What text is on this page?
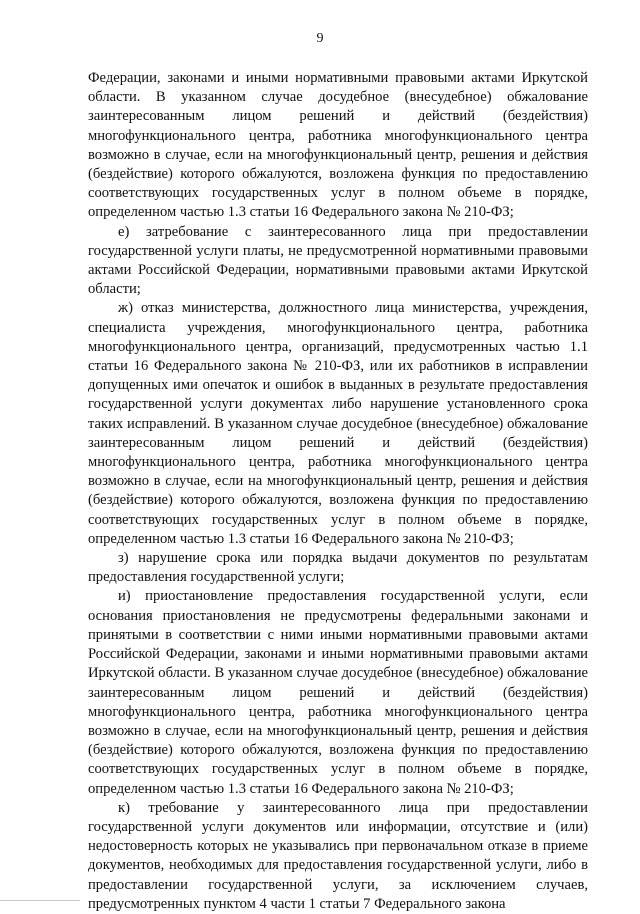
9

Федерации, законами и иными нормативными правовыми актами Иркутской области. В указанном случае досудебное (внесудебное) обжалование заинтересованным лицом решений и действий (бездействия) многофункционального центра, работника многофункционального центра возможно в случае, если на многофункциональный центр, решения и действия (бездействие) которого обжалуются, возложена функция по предоставлению соответствующих государственных услуг в полном объеме в порядке, определенном частью 1.3 статьи 16 Федерального закона № 210-ФЗ;

е) затребование с заинтересованного лица при предоставлении государственной услуги платы, не предусмотренной нормативными правовыми актами Российской Федерации, нормативными правовыми актами Иркутской области;

ж) отказ министерства, должностного лица министерства, учреждения, специалиста учреждения, многофункционального центра, работника многофункционального центра, организаций, предусмотренных частью 1.1 статьи 16 Федерального закона № 210-ФЗ, или их работников в исправлении допущенных ими опечаток и ошибок в выданных в результате предоставления государственной услуги документах либо нарушение установленного срока таких исправлений. В указанном случае досудебное (внесудебное) обжалование заинтересованным лицом решений и действий (бездействия) многофункционального центра, работника многофункционального центра возможно в случае, если на многофункциональный центр, решения и действия (бездействие) которого обжалуются, возложена функция по предоставлению соответствующих государственных услуг в полном объеме в порядке, определенном частью 1.3 статьи 16 Федерального закона № 210-ФЗ;

з) нарушение срока или порядка выдачи документов по результатам предоставления государственной услуги;

и) приостановление предоставления государственной услуги, если основания приостановления не предусмотрены федеральными законами и принятыми в соответствии с ними иными нормативными правовыми актами Российской Федерации, законами и иными нормативными правовыми актами Иркутской области. В указанном случае досудебное (внесудебное) обжалование заинтересованным лицом решений и действий (бездействия) многофункционального центра, работника многофункционального центра возможно в случае, если на многофункциональный центр, решения и действия (бездействие) которого обжалуются, возложена функция по предоставлению соответствующих государственных услуг в полном объеме в порядке, определенном частью 1.3 статьи 16 Федерального закона № 210-ФЗ;

к) требование у заинтересованного лица при предоставлении государственной услуги документов или информации, отсутствие и (или) недостоверность которых не указывались при первоначальном отказе в приеме документов, необходимых для предоставления государственной услуги, либо в предоставлении государственной услуги, за исключением случаев, предусмотренных пунктом 4 части 1 статьи 7 Федерального закона
